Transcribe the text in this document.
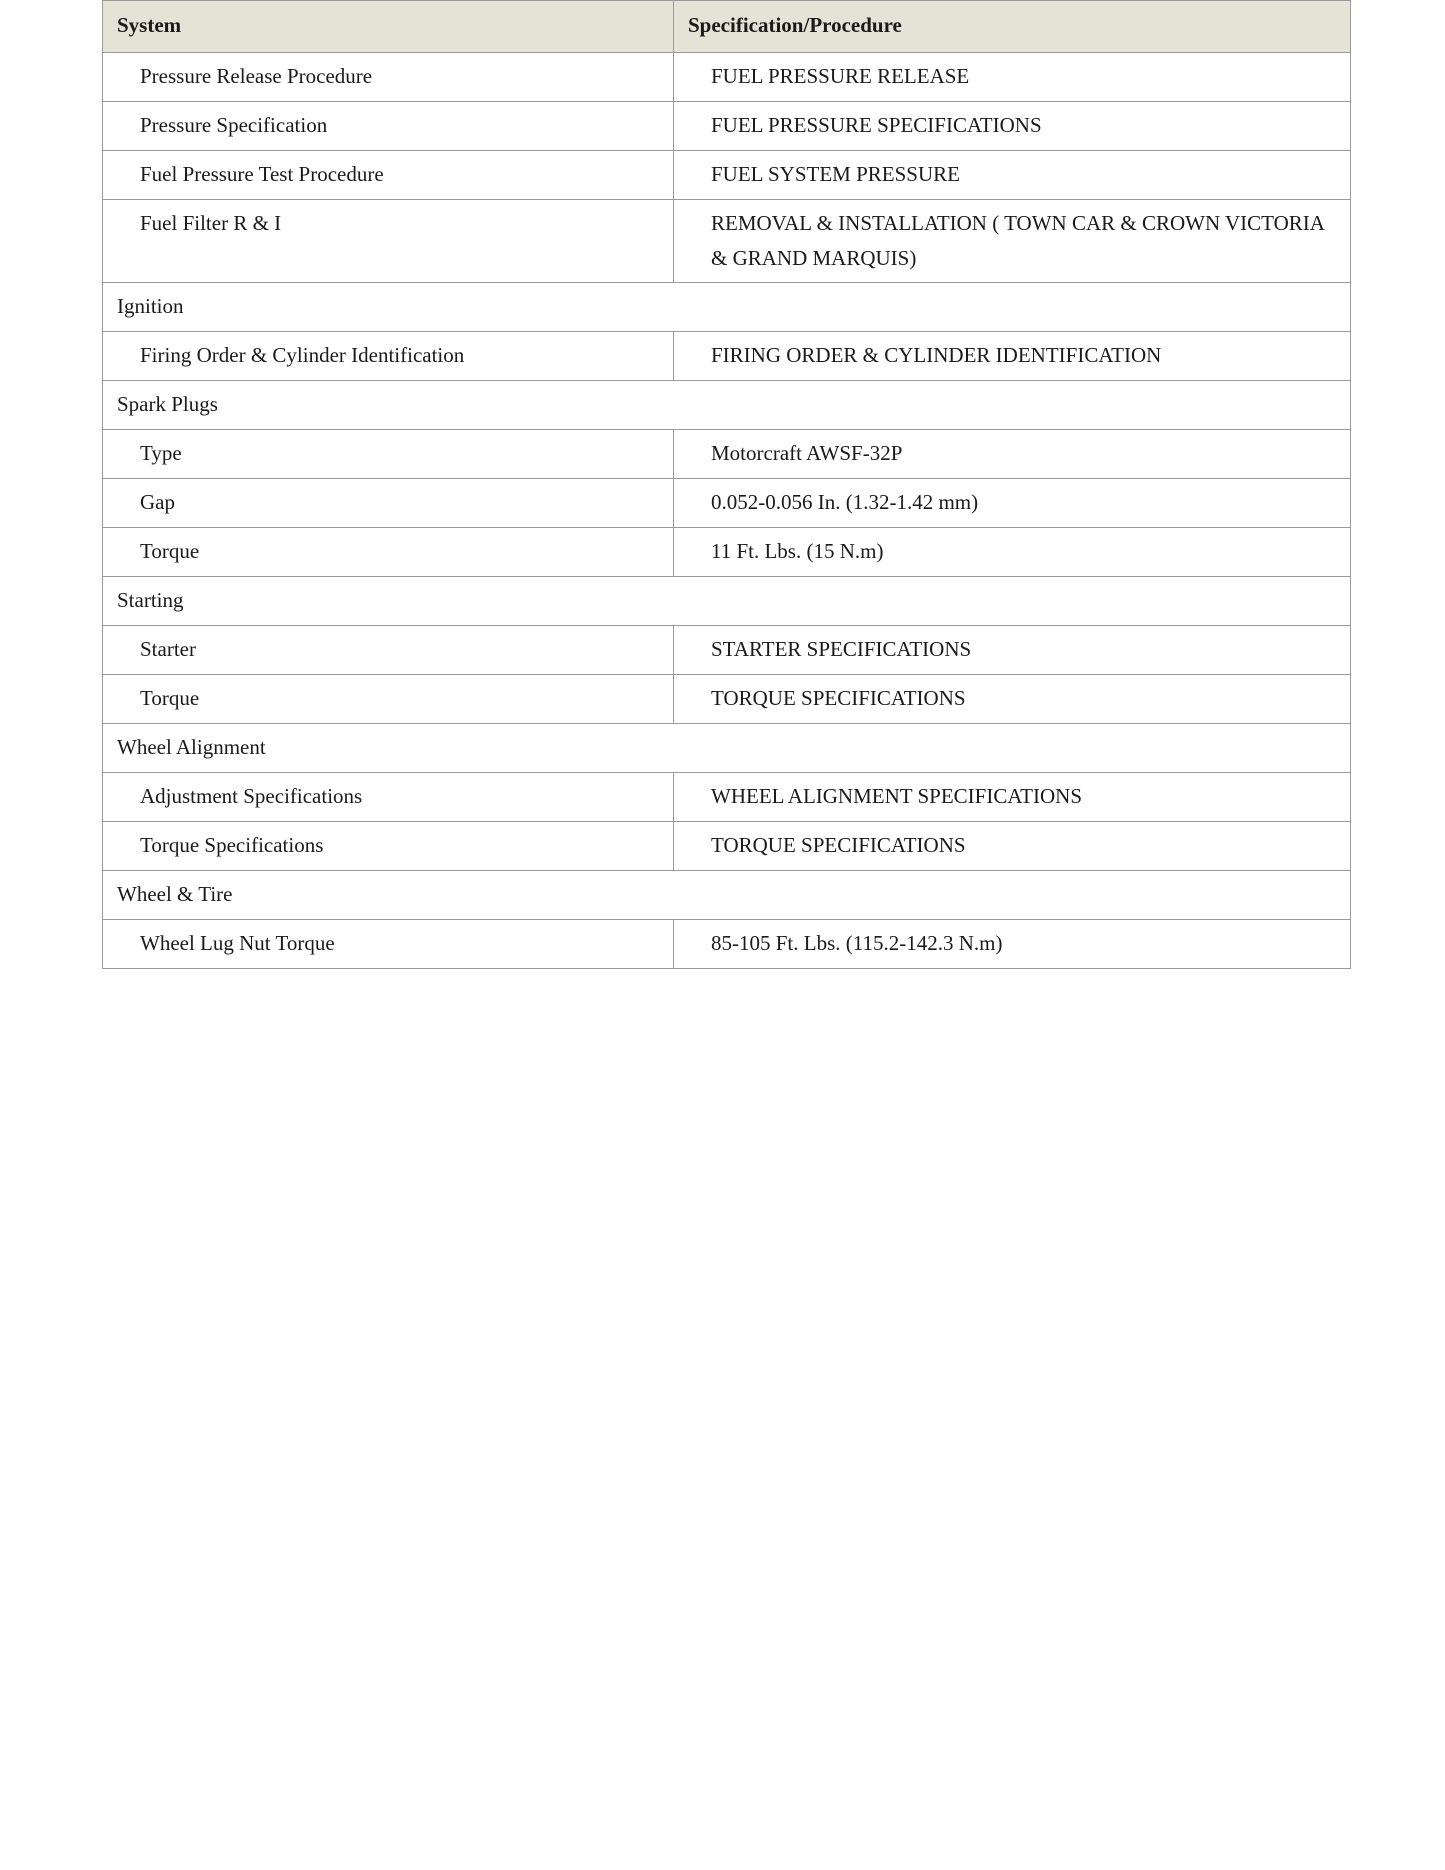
System	Specification/Procedure
Pressure Release Procedure	FUEL PRESSURE RELEASE
Pressure Specification	FUEL PRESSURE SPECIFICATIONS
Fuel Pressure Test Procedure	FUEL SYSTEM PRESSURE
Fuel Filter R & I	REMOVAL & INSTALLATION ( TOWN CAR & CROWN VICTORIA & GRAND MARQUIS)
Ignition	
Firing Order & Cylinder Identification	FIRING ORDER & CYLINDER IDENTIFICATION
Spark Plugs	
Type	Motorcraft AWSF-32P
Gap	0.052-0.056 In. (1.32-1.42 mm)
Torque	11 Ft. Lbs. (15 N.m)
Starting	
Starter	STARTER SPECIFICATIONS
Torque	TORQUE SPECIFICATIONS
Wheel Alignment	
Adjustment Specifications	WHEEL ALIGNMENT SPECIFICATIONS
Torque Specifications	TORQUE SPECIFICATIONS
Wheel & Tire	
Wheel Lug Nut Torque	85-105 Ft. Lbs. (115.2-142.3 N.m)
